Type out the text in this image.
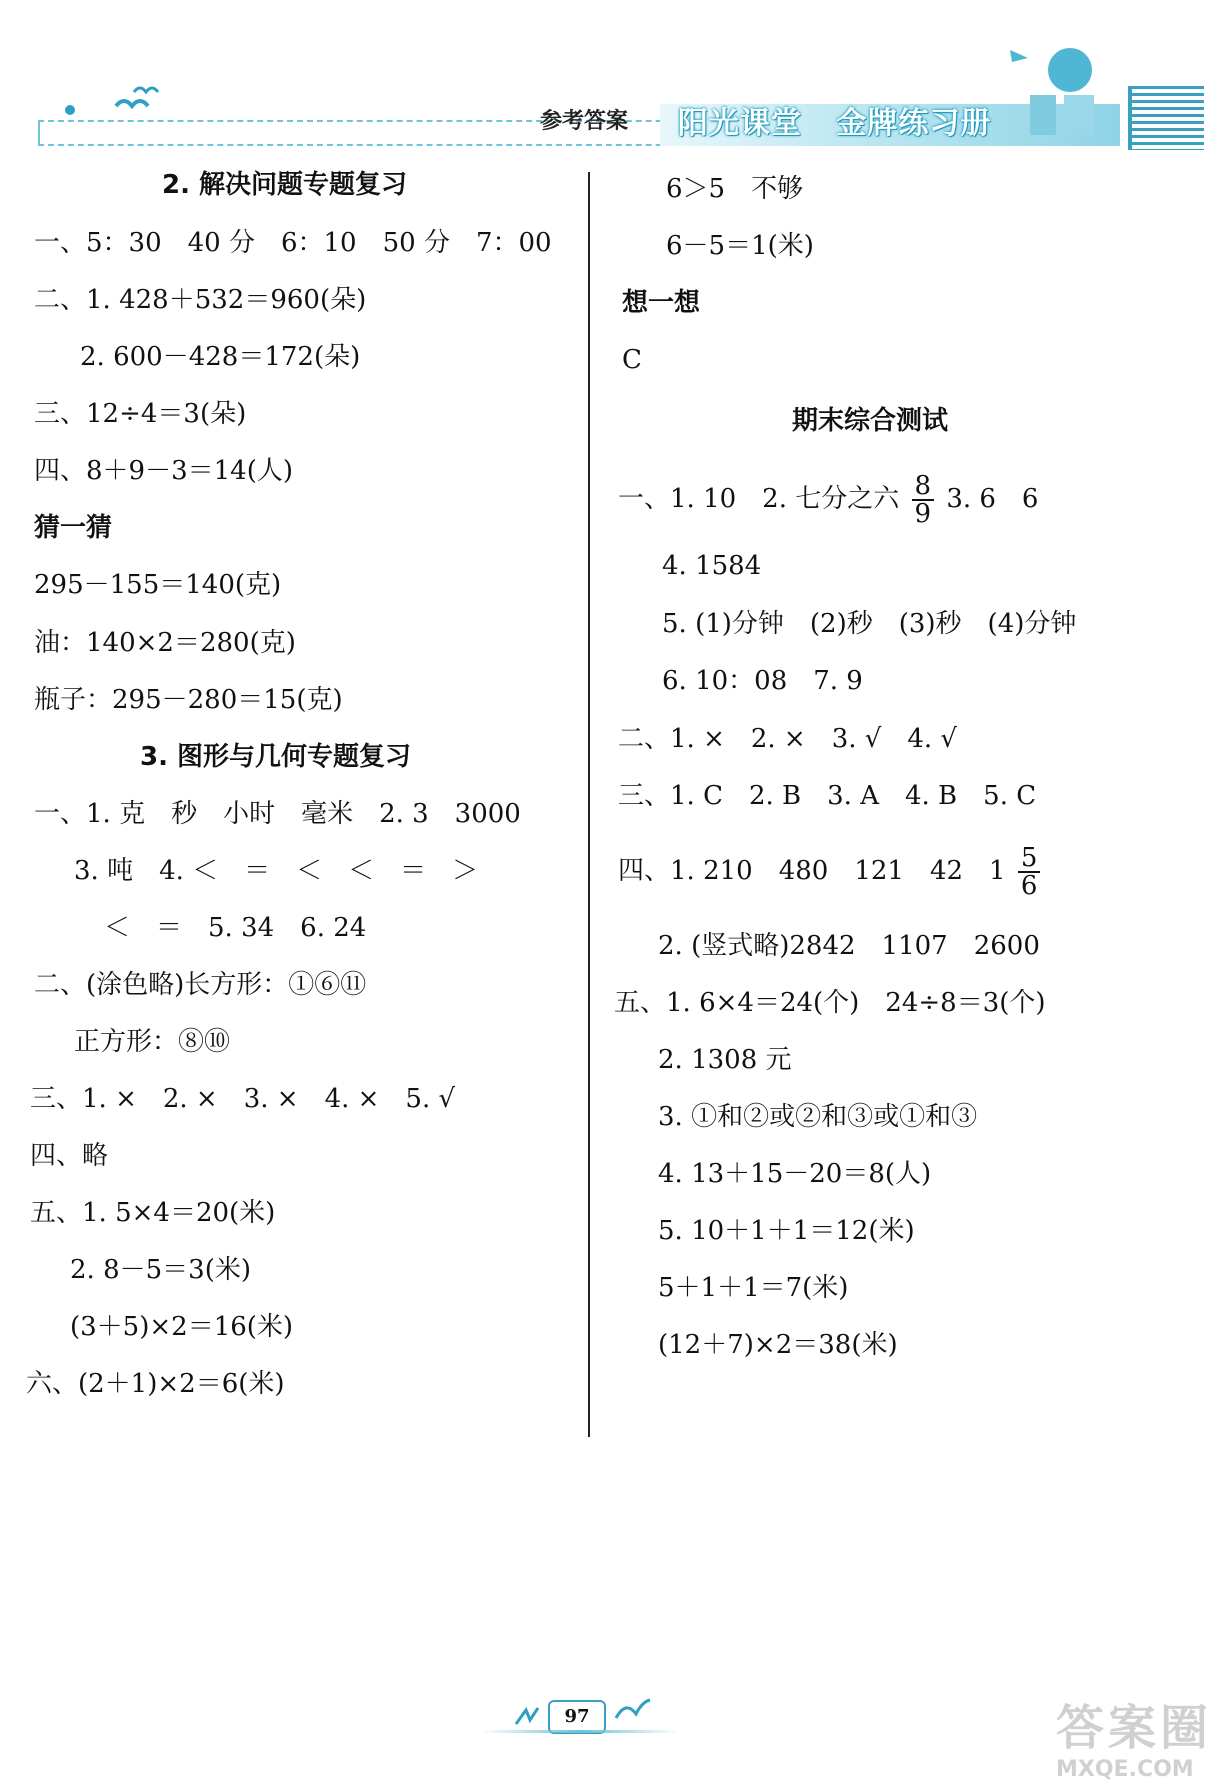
参考答案 阳光课堂   金牌练习册
2. 解决问题专题复习
一、5：30　40 分　6：10　50 分　7：00
二、1. 428＋532＝960(朵)
2. 600－428＝172(朵)
三、12÷4＝3(朵)
四、8＋9－3＝14(人)
猜一猜
295－155＝140(克)
油：140×2＝280(克)
瓶子：295－280＝15(克)
3. 图形与几何专题复习
一、1. 克　秒　小时　毫米　2. 3　3000
3. 吨　4. ＜　＝　＜　＜　＝　＞
＜　＝　5. 34　6. 24
二、(涂色略)长方形：①⑥⑪
正方形：⑧⑩
三、1. ×　2. ×　3. ×　4. ×　5. √
四、略
五、1. 5×4＝20(米)
2. 8－5＝3(米)
(3＋5)×2＝16(米)
六、(2＋1)×2＝6(米)
6＞5　不够
6－5＝1(米)
想一想
C
期末综合测试
一、1. 10　2. 七分之六 $\frac{8}{9} 3$. 6　6
4. 1584
5. (1)分钟　(2)秒　(3)秒　(4)分钟
6. 10：08　7. 9
二、1. ×　2. ×　3. √　4. √
三、1. C　2. B　3. A　4. B　5. C
四、1. 210　480　121　42　$1 \frac{5}{6}$
2. (竖式略)2842　1107　2600
五、1. 6×4＝24(个)　24÷8＝3(个)
2. 1308 元
3. ①和②或②和③或①和③
4. 13＋15－20＝8(人)
5. 10＋1＋1＝12(米)
5＋1＋1＝7(米)
(12＋7)×2＝38(米)
97	答案圈
MXQE.COM
